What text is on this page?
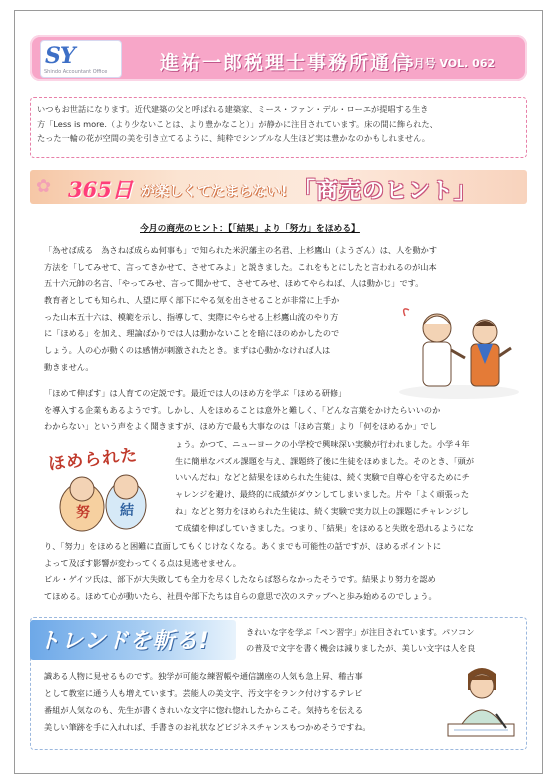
SY
Shindo Accountant Office	進祐一郎税理士事務所通信
5月号 VOL. 062
いつもお世話になります。近代建築の父と呼ばれる建築家、ミース・ファン・デル・ローエが提唱する生き
方「Less is more.（より少ないことは、より豊かなこと）」が静かに注目されています。床の間に飾られた、
たった一輪の花が空間の美を引き立てるように、純粋でシンプルな人生ほど実は豊かなのかもしれません。
✿ 365日 が楽しくてたまらない! 「商売のヒント」
今月の商売のヒント：【「結果」より「努力」をほめる】
「為せば成る　為さねば成らぬ何事も」で知られた米沢藩主の名君、上杉鷹山（ようざん）は、人を動かす
方法を「してみせて、言ってきかせて、させてみよ」と説きました。これをもとにしたと言われるのが山本
五十六元帥の名言、「やってみせ、言って聞かせて、させてみせ、ほめてやらねば、人は動かじ」です。
教育者としても知られ、人望に厚く部下にやる気を出させることが非常に上手か
った山本五十六は、模範を示し、指導して、実際にやらせる上杉鷹山流のやり方
に「ほめる」を加え、理論ばかりでは人は動かないことを暗にほのめかしたので
しょう。人の心が動くのは感情が刺激されたとき。まずは心動かなければ人は
動きません。
「ほめて伸ばす」は人育ての定説です。最近では人のほめ方を学ぶ「ほめる研修」
を導入する企業もあるようです。しかし、人をほめることは意外と難しく、「どんな言葉をかけたらいいのか
わからない」という声をよく聞きますが、ほめ方で最も大事なのは「ほめ言葉」より「何をほめるか」でし
努 結
ほめられた
ょう。かつて、ニューヨークの小学校で興味深い実験が行われました。小学４年
生に簡単なパズル課題を与え、課題終了後に生徒をほめました。そのとき、「頭が
いいんだね」などと結果をほめられた生徒は、続く実験で自尊心を守るためにチ
ャレンジを避け、最終的に成績がダウンしてしまいました。片や「よく頑張った
ね」などと努力をほめられた生徒は、続く実験で実力以上の課題にチャレンジし
て成績を伸ばしていきました。つまり、「結果」をほめると失敗を恐れるようにな
り、「努力」をほめると困難に直面してもくじけなくなる。あくまでも可能性の話ですが、ほめるポイントに
よって及ぼす影響が変わってくる点は見逃せません。
ビル・ゲイツ氏は、部下が大失敗しても全力を尽くしたならば怒らなかったそうです。結果より努力を認め
てほめる。ほめて心が動いたら、社員や部下たちは自らの意思で次のステップへと歩み始めるのでしょう。
トレンドを斬る!	きれいな字を学ぶ「ペン習字」が注目されています。パソコン
の普及で文字を書く機会は減りましたが、美しい文字は人を良
識ある人物に見せるものです。独学が可能な練習帳や通信講座の人気も急上昇、稽古事
として教室に通う人も増えています。芸能人の美文字、汚文字をランク付けするテレビ
番組が人気なのも、先生が書くきれいな文字に惚れ惚れしたからこそ。気持ちを伝える
美しい筆跡を手に入れれば、手書きのお礼状などビジネスチャンスもつかめそうですね。
